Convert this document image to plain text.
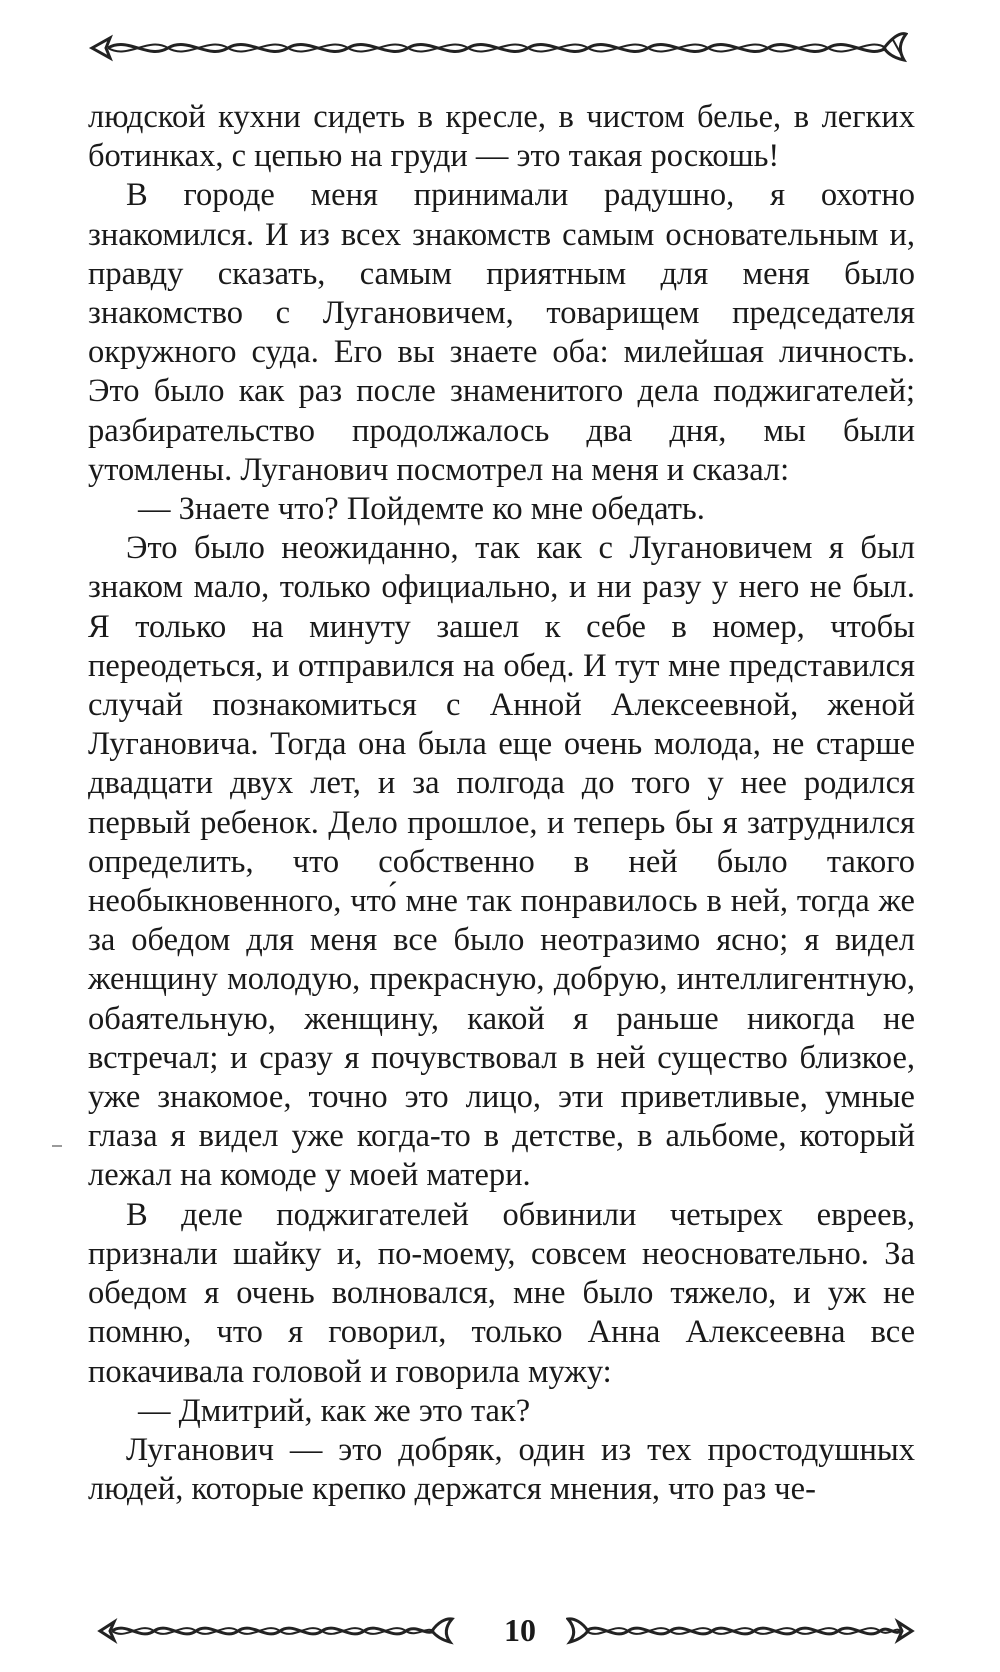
людской кухни сидеть в кресле, в чистом белье, в легких ботинках, с цепью на груди — это такая роскошь!

В городе меня принимали радушно, я охотно знакомился. И из всех знакомств самым основательным и, правду сказать, самым приятным для меня было знакомство с Лугановичем, товарищем председателя окружного суда. Его вы знаете оба: милейшая личность. Это было как раз после знаменитого дела поджигателей; разбирательство продолжалось два дня, мы были утомлены. Луганович посмотрел на меня и сказал:

— Знаете что? Пойдемте ко мне обедать.

Это было неожиданно, так как с Лугановичем я был знаком мало, только официально, и ни разу у него не был. Я только на минуту зашел к себе в номер, чтобы переодеться, и отправился на обед. И тут мне представился случай познакомиться с Анной Алексеевной, женой Лугановича. Тогда она была еще очень молода, не старше двадцати двух лет, и за полгода до того у нее родился первый ребенок. Дело прошлое, и теперь бы я затруднился определить, что собственно в ней было такого необыкновенного, что́ мне так понравилось в ней, тогда же за обедом для меня все было неотразимо ясно; я видел женщину молодую, прекрасную, добрую, интеллигентную, обаятельную, женщину, какой я раньше никогда не встречал; и сразу я почувствовал в ней существо близкое, уже знакомое, точно это лицо, эти приветливые, умные глаза я видел уже когда-то в детстве, в альбоме, который лежал на комоде у моей матери.

В деле поджигателей обвинили четырех евреев, признали шайку и, по-моему, совсем неосновательно. За обедом я очень волновался, мне было тяжело, и уж не помню, что я говорил, только Анна Алексеевна все покачивала головой и говорила мужу:

— Дмитрий, как же это так?

Луганович — это добряк, один из тех простодушных людей, которые крепко держатся мнения, что раз че-

10
